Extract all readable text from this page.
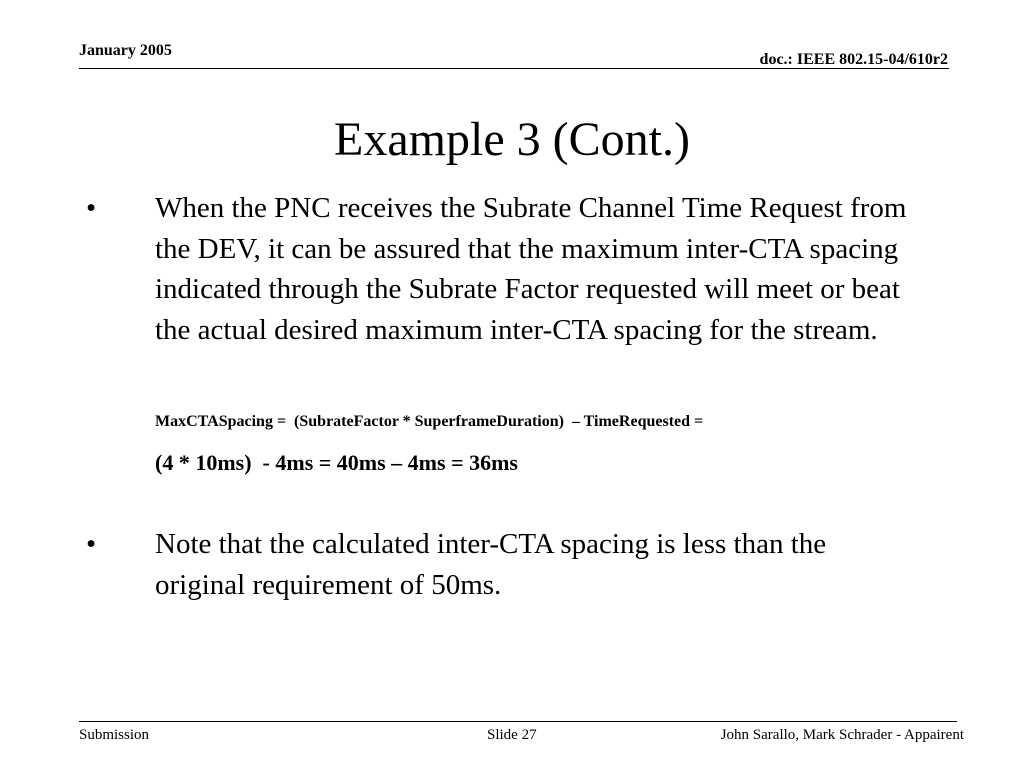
January 2005
doc.: IEEE 802.15-04/610r2
Example 3 (Cont.)
• When the PNC receives the Subrate Channel Time Request from the DEV, it can be assured that the maximum inter-CTA spacing indicated through the Subrate Factor requested will meet or beat the actual desired maximum inter-CTA spacing for the stream.
MaxCTASpacing =  (SubrateFactor * SuperframeDuration)  – TimeRequested =
(4 * 10ms)  - 4ms = 40ms – 4ms = 36ms
• Note that the calculated inter-CTA spacing is less than the original requirement of 50ms.
Submission	Slide 27	John Sarallo, Mark Schrader - Appairent
